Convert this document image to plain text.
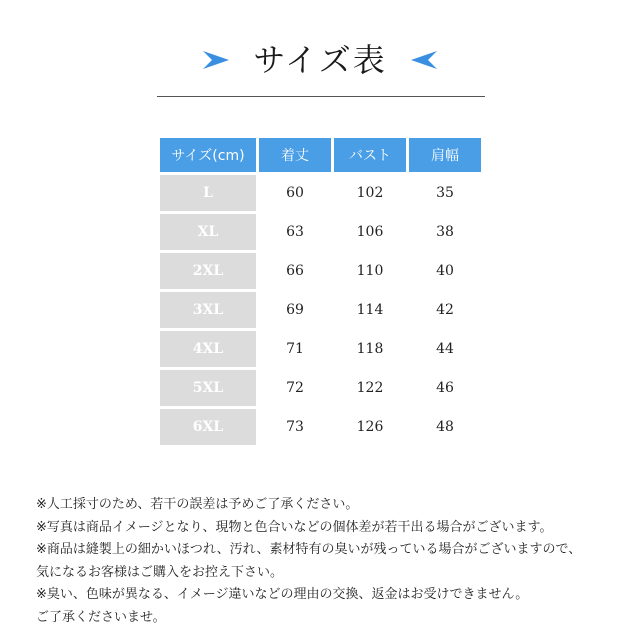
サイズ表
サイズ(cm)	着丈	バスト	肩幅
L	60	102	35
XL	63	106	38
2XL	66	110	40
3XL	69	114	42
4XL	71	118	44
5XL	72	122	46
6XL	73	126	48

※人工採寸のため、若干の誤差は予めご了承ください。

※写真は商品イメージとなり、現物と色合いなどの個体差が若干出る場合がございます。

※商品は縫製上の細かいほつれ、汚れ、素材特有の臭いが残っている場合がございますので、

気になるお客様はご購入をお控え下さい。

※臭い、色味が異なる、イメージ違いなどの理由の交換、返金はお受けできません。

ご了承くださいませ。
